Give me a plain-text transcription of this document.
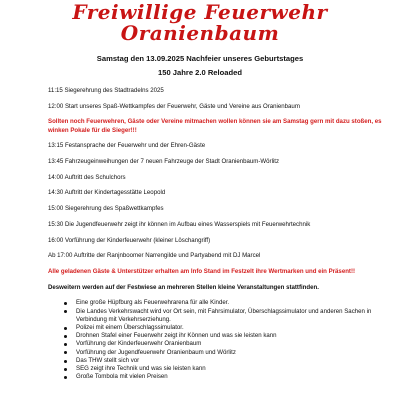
Freiwillige Feuerwehr
Oranienbaum
Samstag den 13.09.2025 Nachfeier unseres Geburtstages
150 Jahre 2.0 Reloaded

11:15 Siegerehrung des Stadtradelns 2025

12:00 Start unseres Spaß-Wettkampfes der Feuerwehr, Gäste und Vereine aus Oranienbaum

Sollten noch Feuerwehren, Gäste oder Vereine mitmachen wollen können sie am Samstag gern mit dazu stoßen, es winken Pokale für die Sieger!!!

13:15 Festansprache der Feuerwehr und der Ehren-Gäste

13:45 Fahrzeugeinweihungen der 7 neuen Fahrzeuge der Stadt Oranienbaum-Wörlitz

14:00 Auftritt des Schulchors

14:30 Auftritt der Kindertagesstätte Leopold

15:00 Siegerehrung des Spaßwettkampfes

15:30 Die Jugendfeuerwehr zeigt ihr können im Aufbau eines Wasserspiels mit Feuerwehrtechnik

16:00 Vorführung der Kinderfeuerwehr (kleiner Löschangriff)

Ab 17:00 Auftritte der Ranjnboomer Narrengilde und Partyabend mit DJ Marcel

Alle geladenen Gäste & Unterstützer erhalten am Info Stand im Festzelt ihre Wertmarken und ein Präsent!!

Desweitern werden auf der Festwiese an mehreren Stellen kleine Veranstaltungen stattfinden.

Eine große Hüpfburg als Feuerwehrarena für alle Kinder.
Die Landes Verkehrswacht wird vor Ort sein, mit Fahrsimulator, Überschlagssimulator und anderen Sachen in Verbindung mit Verkehrserziehung.
Polizei mit einem Überschlagssimulator.
Drohnen Stafel einer Feuerwehr zeigt ihr Können und was sie leisten kann
Vorführung der Kinderfeuerwehr Oranienbaum
Vorführung der Jugendfeuerwehr Oranienbaum und Wörlitz
Das THW stellt sich vor
SEG zeigt ihre Technik und was sie leisten kann
Große Tombola mit vielen Preisen
